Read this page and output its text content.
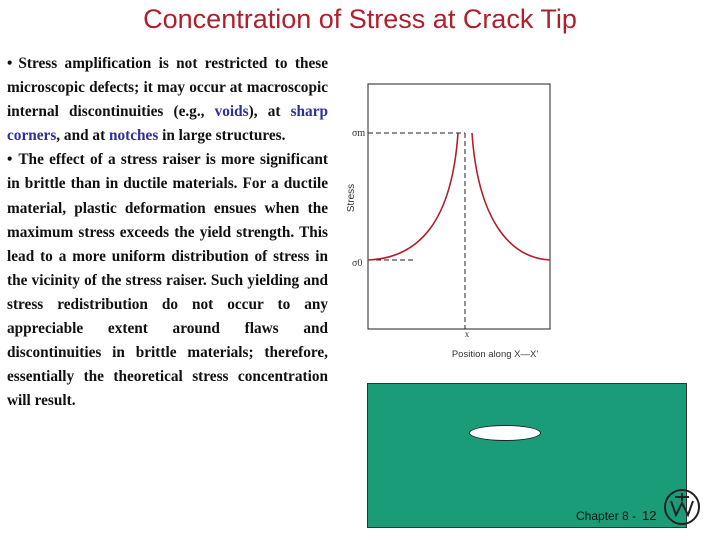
Concentration of Stress at Crack Tip

• Stress amplification is not restricted to these microscopic defects; it may occur at macroscopic internal discontinuities (e.g., voids), at sharp corners, and at notches in large structures.

• The effect of a stress raiser is more significant in brittle than in ductile materials. For a ductile material, plastic deformation ensues when the maximum stress exceeds the yield strength. This lead to a more uniform distribution of stress in the vicinity of the stress raiser. Such yielding and stress redistribution do not occur to any appreciable extent around flaws and discontinuities in brittle materials; therefore, essentially the theoretical stress concentration will result.

σm
σ0
Stress
x
Position along X—X'
Chapter 8 - 12
